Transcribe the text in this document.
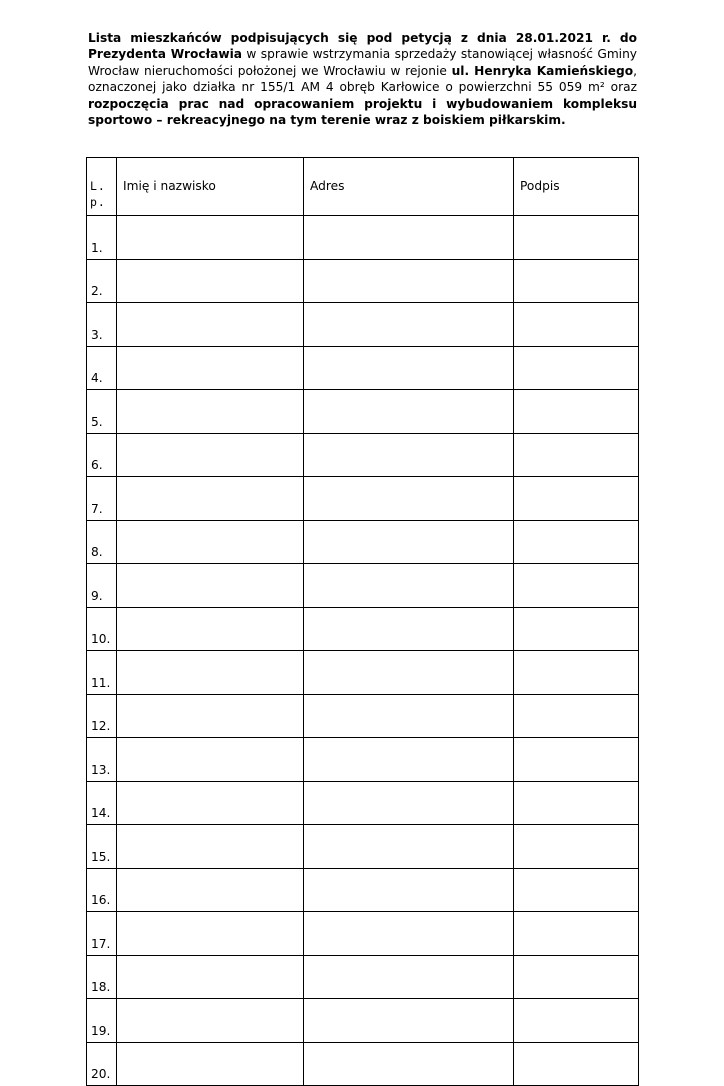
Lista mieszkańców podpisujących się pod petycją z dnia 28.01.2021 r. do Prezydenta Wrocławia w sprawie wstrzymania sprzedaży stanowiącej własność Gminy Wrocław nieruchomości położonej we Wrocławiu w rejonie ul. Henryka Kamieńskiego, oznaczonej jako działka nr 155/1 AM 4 obręb Karłowice o powierzchni 55 059 m² oraz rozpoczęcia prac nad opracowaniem projektu i wybudowaniem kompleksu sportowo – rekreacyjnego na tym terenie wraz z boiskiem piłkarskim.
L.p.	Imię i nazwisko	Adres	Podpis

1.			
2.			
3.			
4.			
5.			
6.			
7.			
8.			
9.			
10.			
11.			
12.			
13.			
14.			
15.			
16.			
17.			
18.			
19.			
20.			
